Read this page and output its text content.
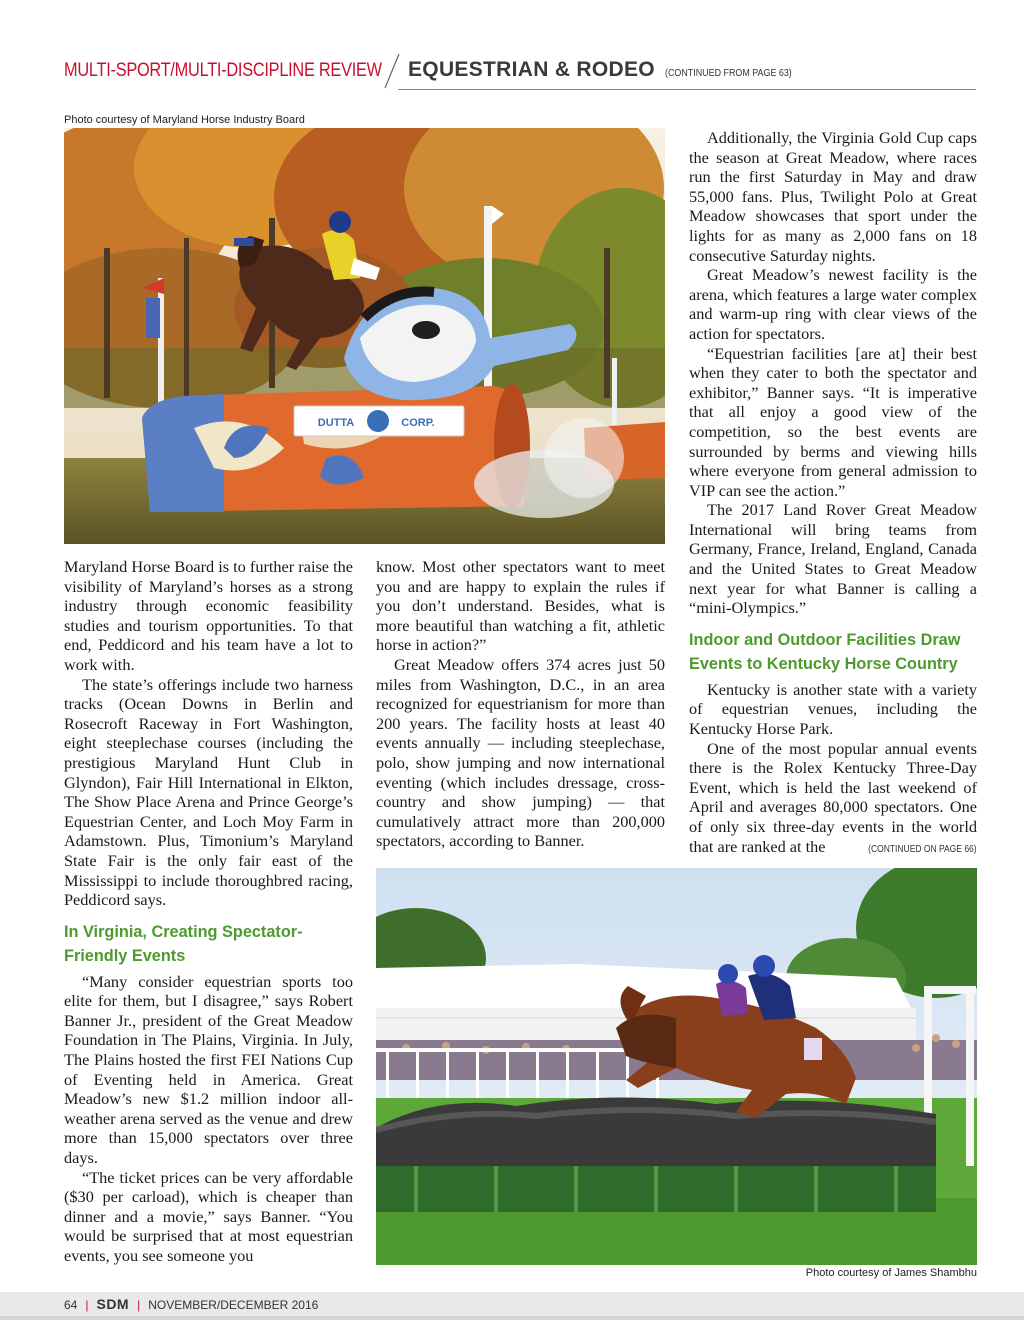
MULTI-SPORT/MULTI-DISCIPLINE REVIEW EQUESTRIAN & RODEO (CONTINUED FROM PAGE 63)
Photo courtesy of Maryland Horse Industry Board
DUTTA	CORP.

Additionally, the Virginia Gold Cup caps the season at Great Meadow, where races run the first Saturday in May and draw 55,000 fans. Plus, Twilight Polo at Great Meadow showcases that sport under the lights for as many as 2,000 fans on 18 consecutive Saturday nights.

Great Meadow’s newest facility is the arena, which features a large water complex and warm-up ring with clear views of the action for spectators.

“Equestrian facilities [are at] their best when they cater to both the spectator and exhibitor,” Banner says. “It is imperative that all enjoy a good view of the competition, so the best events are surrounded by berms and viewing hills where everyone from general admission to VIP can see the action.”

The 2017 Land Rover Great Meadow International will bring teams from Germany, France, Ireland, England, Canada and the United States to Great Meadow next year for what Banner is calling a “mini-Olympics.”

Indoor and Outdoor Facilities Draw Events to Kentucky Horse Country

Kentucky is another state with a variety of equestrian venues, including the Kentucky Horse Park.

One of the most popular annual events there is the Rolex Kentucky Three-Day Event, which is held the last weekend of April and averages 80,000 spectators. One of only six three-day events in the world that are ranked at the	(CONTINUED ON PAGE 66)

Maryland Horse Board is to further raise the visibility of Maryland’s horses as a strong industry through economic feasibility studies and tourism opportunities. To that end, Peddicord and his team have a lot to work with.

The state’s offerings include two harness tracks (Ocean Downs in Berlin and Rosecroft Raceway in Fort Washington, eight steeplechase courses (including the prestigious Maryland Hunt Club in Glyndon), Fair Hill International in Elkton, The Show Place Arena and Prince George’s Equestrian Center, and Loch Moy Farm in Adamstown. Plus, Timonium’s Maryland State Fair is the only fair east of the Mississippi to include thoroughbred racing, Peddicord says.

In Virginia, Creating Spectator-Friendly Events

“Many consider equestrian sports too elite for them, but I disagree,” says Robert Banner Jr., president of the Great Meadow Foundation in The Plains, Virginia. In July, The Plains hosted the first FEI Nations Cup of Eventing held in America. Great Meadow’s new $1.2 million indoor all-weather arena served as the venue and drew more than 15,000 spectators over three days.

“The ticket prices can be very affordable ($30 per carload), which is cheaper than dinner and a movie,” says Banner. “You would be surprised that at most equestrian events, you see someone you

know. Most other spectators want to meet you and are happy to explain the rules if you don’t understand. Besides, what is more beautiful than watching a fit, athletic horse in action?”

Great Meadow offers 374 acres just 50 miles from Washington, D.C., in an area recognized for equestrianism for more than 200 years. The facility hosts at least 40 events annually — including steeplechase, polo, show jumping and now international eventing (which includes dressage, cross-country and show jumping) — that cumulatively attract more than 200,000 spectators, according to Banner.

Photo courtesy of James Shambhu
64 | SDM | NOVEMBER/DECEMBER 2016
